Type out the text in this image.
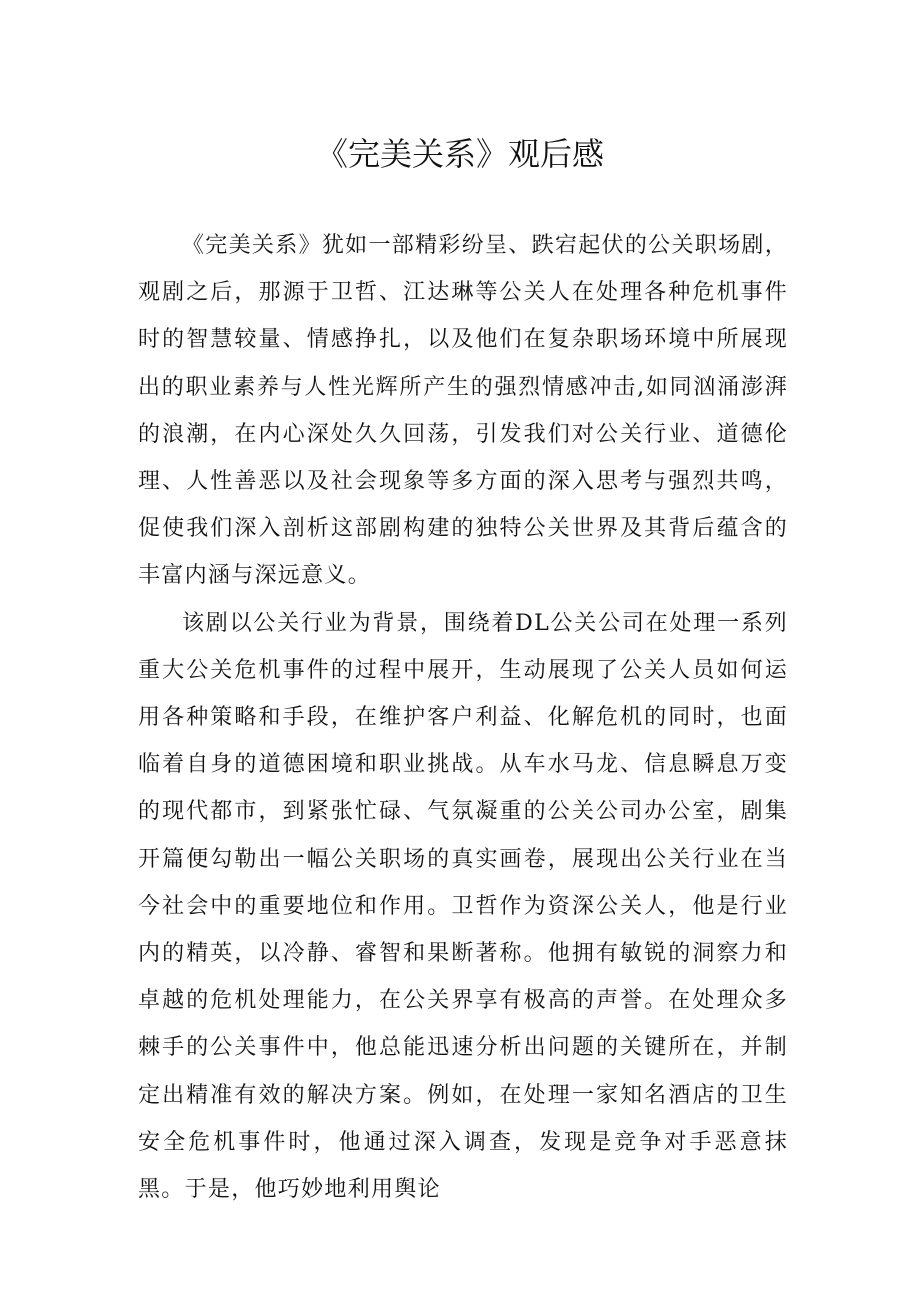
《完美关系》观后感

《完美关系》犹如一部精彩纷呈、跌宕起伏的公关职场剧，观剧之后，那源于卫哲、江达琳等公关人在处理各种危机事件时的智慧较量、情感挣扎，以及他们在复杂职场环境中所展现出的职业素养与人性光辉所产生的强烈情感冲击,如同汹涌澎湃的浪潮，在内心深处久久回荡，引发我们对公关行业、道德伦理、人性善恶以及社会现象等多方面的深入思考与强烈共鸣，促使我们深入剖析这部剧构建的独特公关世界及其背后蕴含的丰富内涵与深远意义。

该剧以公关行业为背景，围绕着DL公关公司在处理一系列重大公关危机事件的过程中展开，生动展现了公关人员如何运用各种策略和手段，在维护客户利益、化解危机的同时，也面临着自身的道德困境和职业挑战。从车水马龙、信息瞬息万变的现代都市，到紧张忙碌、气氛凝重的公关公司办公室，剧集开篇便勾勒出一幅公关职场的真实画卷，展现出公关行业在当今社会中的重要地位和作用。卫哲作为资深公关人，他是行业内的精英，以冷静、睿智和果断著称。他拥有敏锐的洞察力和卓越的危机处理能力，在公关界享有极高的声誉。在处理众多棘手的公关事件中，他总能迅速分析出问题的关键所在，并制定出精准有效的解决方案。例如，在处理一家知名酒店的卫生安全危机事件时，他通过深入调查，发现是竞争对手恶意抹黑。于是，他巧妙地利用舆论
